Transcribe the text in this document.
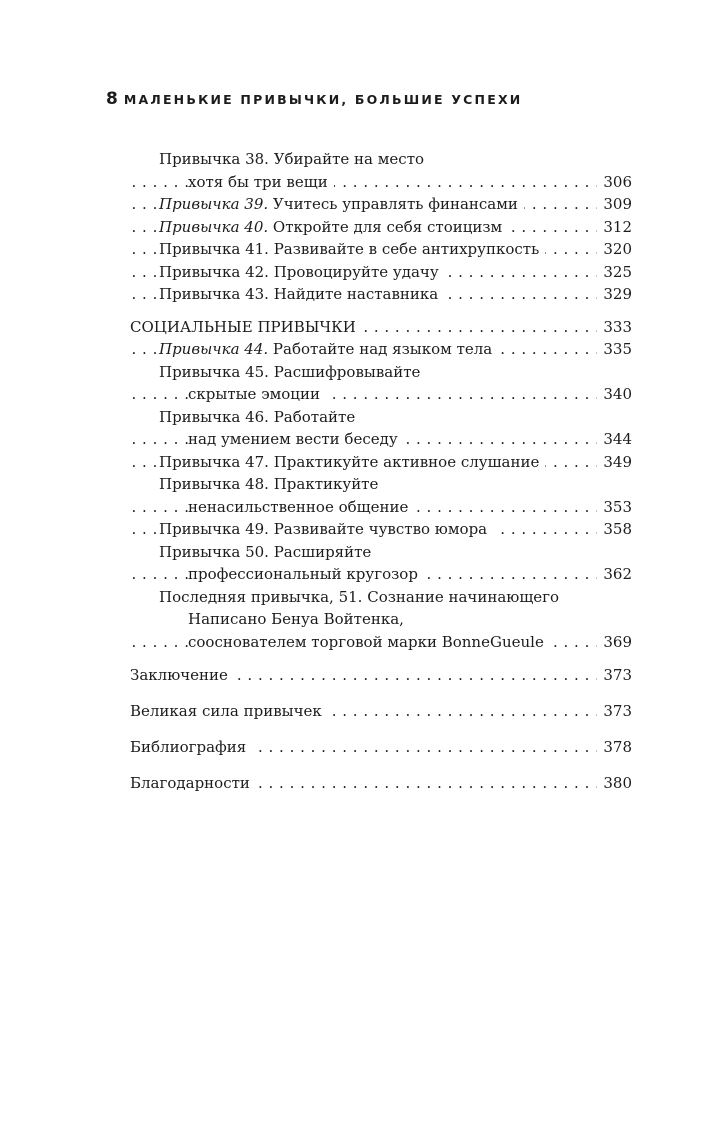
8 МАЛЕНЬКИЕ ПРИВЫЧКИ, БОЛЬШИЕ УСПЕХИ
Привычка 38. Убирайте на место
. . . хотя бы три вещи	306
. . . Привычка 39. Учитесь управлять финансами	309
. . . Привычка 40. Откройте для себя стоицизм	312
. . . Привычка 41. Развивайте в себе антихрупкость	320
. . . Привычка 42. Провоцируйте удачу	325
. . . Привычка 43. Найдите наставника	329
. . . СОЦИАЛЬНЫЕ ПРИВЫЧКИ	333
. . . Привычка 44. Работайте над языком тела	335
Привычка 45. Расшифровывайте
. . . скрытые эмоции	340
Привычка 46. Работайте
. . . над умением вести беседу	344
. . . Привычка 47. Практикуйте активное слушание	349
Привычка 48. Практикуйте
. . . ненасильственное общение	353
. . . Привычка 49. Развивайте чувство юмора	358
Привычка 50. Расширяйте
. . . профессиональный кругозор	362
Последняя привычка, 51. Сознание начинающего
Написано Бенуа Войтенка,
. . . сооснователем торговой марки BonneGueule	369
. . . Заключение	373
. . . Великая сила привычек	373
. . . Библиография	378
. . . Благодарности	380
